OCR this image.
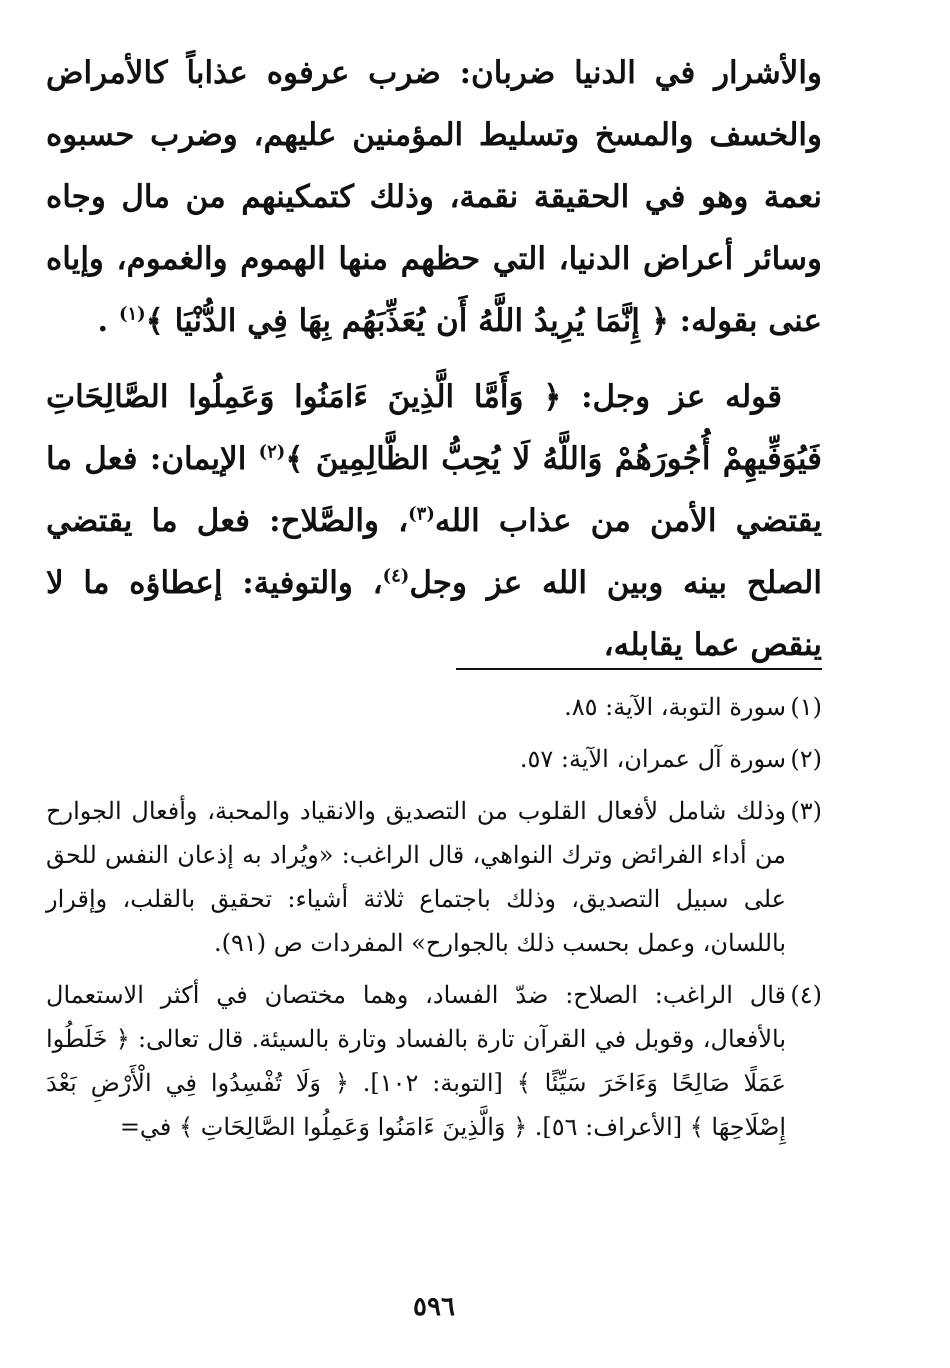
والأشرار في الدنيا ضربان: ضرب عرفوه عذاباً كالأمراض والخسف والمسخ وتسليط المؤمنين عليهم، وضرب حسبوه نعمة وهو في الحقيقة نقمة، وذلك كتمكينهم من مال وجاه وسائر أعراض الدنيا، التي حظهم منها الهموم والغموم، وإياه عنى بقوله: ﴿ إِنَّمَا يُرِيدُ اللَّهُ أَن يُعَذِّبَهُم بِهَا فِي الدُّنْيَا ﴾$^{(١)}$ .

قوله عز وجل: ﴿ وَأَمَّا الَّذِينَ ءَامَنُوا وَعَمِلُوا الصَّالِحَاتِ فَيُوَفِّيهِمْ أُجُورَهُمْ وَاللَّهُ لَا يُحِبُّ الظَّالِمِينَ ﴾$^{(٢)}$ الإيمان: فعل ما يقتضي الأمن من عذاب الله$^{(٣)}$، والصَّلاح: فعل ما يقتضي الصلح بينه وبين الله عز وجل$^{(٤)}$، والتوفية: إعطاؤه ما لا ينقص عما يقابله،

(١)
سورة التوبة، الآية: ٨٥.
(٢)
سورة آل عمران، الآية: ٥٧.
(٣)
وذلك شامل لأفعال القلوب من التصديق والانقياد والمحبة، وأفعال الجوارح من أداء الفرائض وترك النواهي، قال الراغب: «ويُراد به إذعان النفس للحق على سبيل التصديق، وذلك باجتماع ثلاثة أشياء: تحقيق بالقلب، وإقرار باللسان، وعمل بحسب ذلك بالجوارح» المفردات ص (٩١).
(٤)
قال الراغب: الصلاح: ضدّ الفساد، وهما مختصان في أكثر الاستعمال بالأفعال، وقوبل في القرآن تارة بالفساد وتارة بالسيئة. قال تعالى: ﴿ خَلَطُوا عَمَلًا صَالِحًا وَءَاخَرَ سَيِّئًا ﴾ [التوبة: ١٠٢]. ﴿ وَلَا تُفْسِدُوا فِي الْأَرْضِ بَعْدَ إِصْلَاحِهَا ﴾ [الأعراف: ٥٦]. ﴿ وَالَّذِينَ ءَامَنُوا وَعَمِلُوا الصَّالِحَاتِ ﴾ في=
٥٩٦
